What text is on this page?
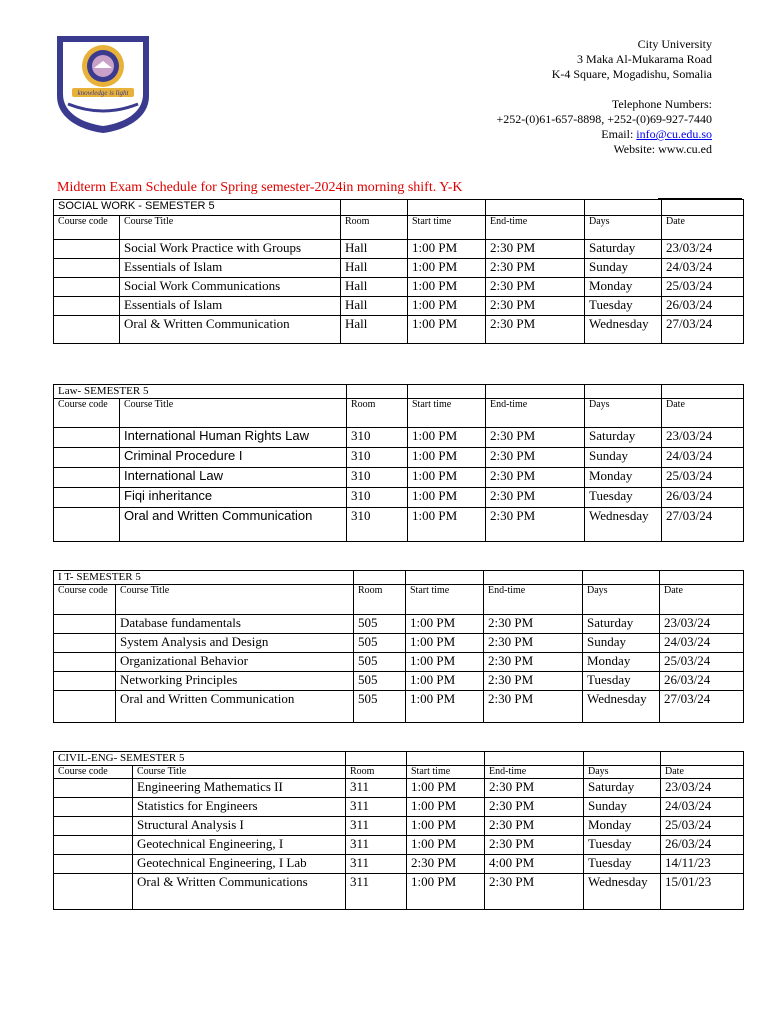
knowledge is light
City University
3 Maka Al-Mukarama Road
K-4 Square, Mogadishu, Somalia
Telephone Numbers:
+252-(0)61-657-8898, +252-(0)69-927-7440
Email: info@cu.edu.so
Website: www.cu.ed
Midterm Exam Schedule for Spring semester-2024in morning shift. Y-K
SOCIAL WORK - SEMESTER 5						
Course code	Course Title	Room	Start time	End-time	Days	Date
	Social Work Practice with Groups	Hall	1:00 PM	2:30 PM	Saturday	23/03/24
	Essentials of Islam	Hall	1:00 PM	2:30 PM	Sunday	24/03/24
	Social Work Communications	Hall	1:00 PM	2:30 PM	Monday	25/03/24
	Essentials of Islam	Hall	1:00 PM	2:30 PM	Tuesday	26/03/24
	Oral & Written Communication	Hall	1:00 PM	2:30 PM	Wednesday	27/03/24
Law- SEMESTER 5						
Course code	Course Title	Room	Start time	End-time	Days	Date
	International Human Rights Law	310	1:00 PM	2:30 PM	Saturday	23/03/24
	Criminal Procedure I	310	1:00 PM	2:30 PM	Sunday	24/03/24
	International Law	310	1:00 PM	2:30 PM	Monday	25/03/24
	Fiqi inheritance	310	1:00 PM	2:30 PM	Tuesday	26/03/24
	Oral and Written Communication	310	1:00 PM	2:30 PM	Wednesday	27/03/24
I T- SEMESTER 5						
Course code	Course Title	Room	Start time	End-time	Days	Date
	Database fundamentals	505	1:00 PM	2:30 PM	Saturday	23/03/24
	System Analysis and Design	505	1:00 PM	2:30 PM	Sunday	24/03/24
	Organizational Behavior	505	1:00 PM	2:30 PM	Monday	25/03/24
	Networking Principles	505	1:00 PM	2:30 PM	Tuesday	26/03/24
	Oral and Written Communication	505	1:00 PM	2:30 PM	Wednesday	27/03/24
CIVIL-ENG- SEMESTER 5						
Course code	Course Title	Room	Start time	End-time	Days	Date
	Engineering Mathematics II	311	1:00 PM	2:30 PM	Saturday	23/03/24
	Statistics for Engineers	311	1:00 PM	2:30 PM	Sunday	24/03/24
	Structural Analysis I	311	1:00 PM	2:30 PM	Monday	25/03/24
	Geotechnical Engineering, I	311	1:00 PM	2:30 PM	Tuesday	26/03/24
	Geotechnical Engineering, I Lab	311	2:30 PM	4:00 PM	Tuesday	14/11/23
	Oral & Written Communications	311	1:00 PM	2:30 PM	Wednesday	15/01/23
